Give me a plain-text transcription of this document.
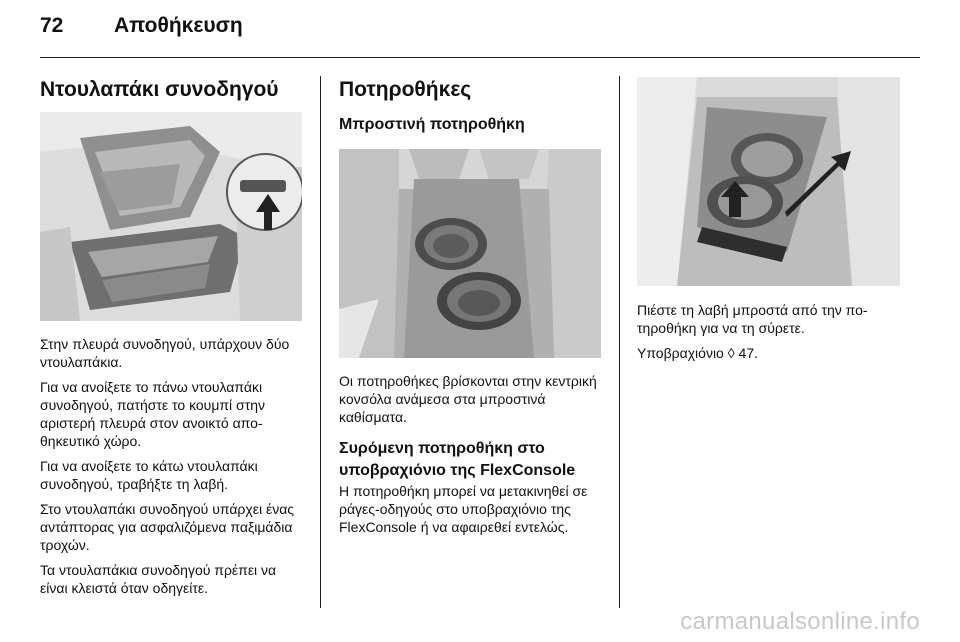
72 Αποθήκευση
Ντουλαπάκι συνοδηγού

Στην πλευρά συνοδηγού, υπάρχουν δύο ντουλαπάκια.

Για να ανοίξετε το πάνω ντουλαπάκι συνοδηγού, πατήστε το κουμπί στην αριστερή πλευρά στον ανοικτό αποθηκευτικό χώρο.

Για να ανοίξετε το κάτω ντουλαπάκι συνοδηγού, τραβήξτε τη λαβή.

Στο ντουλαπάκι συνοδηγού υπάρχει ένας αντάπτορας για ασφαλιζόμενα παξιμάδια τροχών.

Τα ντουλαπάκια συνοδηγού πρέπει να είναι κλειστά όταν οδηγείτε.

Ποτηροθήκες
Μπροστινή ποτηροθήκη

Οι ποτηροθήκες βρίσκονται στην κεντρική κονσόλα ανάμεσα στα μπροστινά καθίσματα.

Συρόμενη ποτηροθήκη στο υποβραχιόνιο της FlexConsole

Η ποτηροθήκη μπορεί να μετακινηθεί σε ράγες-οδηγούς στο υποβραχιόνιο της FlexConsole ή να αφαιρεθεί εντελώς.

Πιέστε τη λαβή μπροστά από την ποτηροθήκη για να τη σύρετε.

Υποβραχιόνιο ◊ 47.

carmanualsonline.info
